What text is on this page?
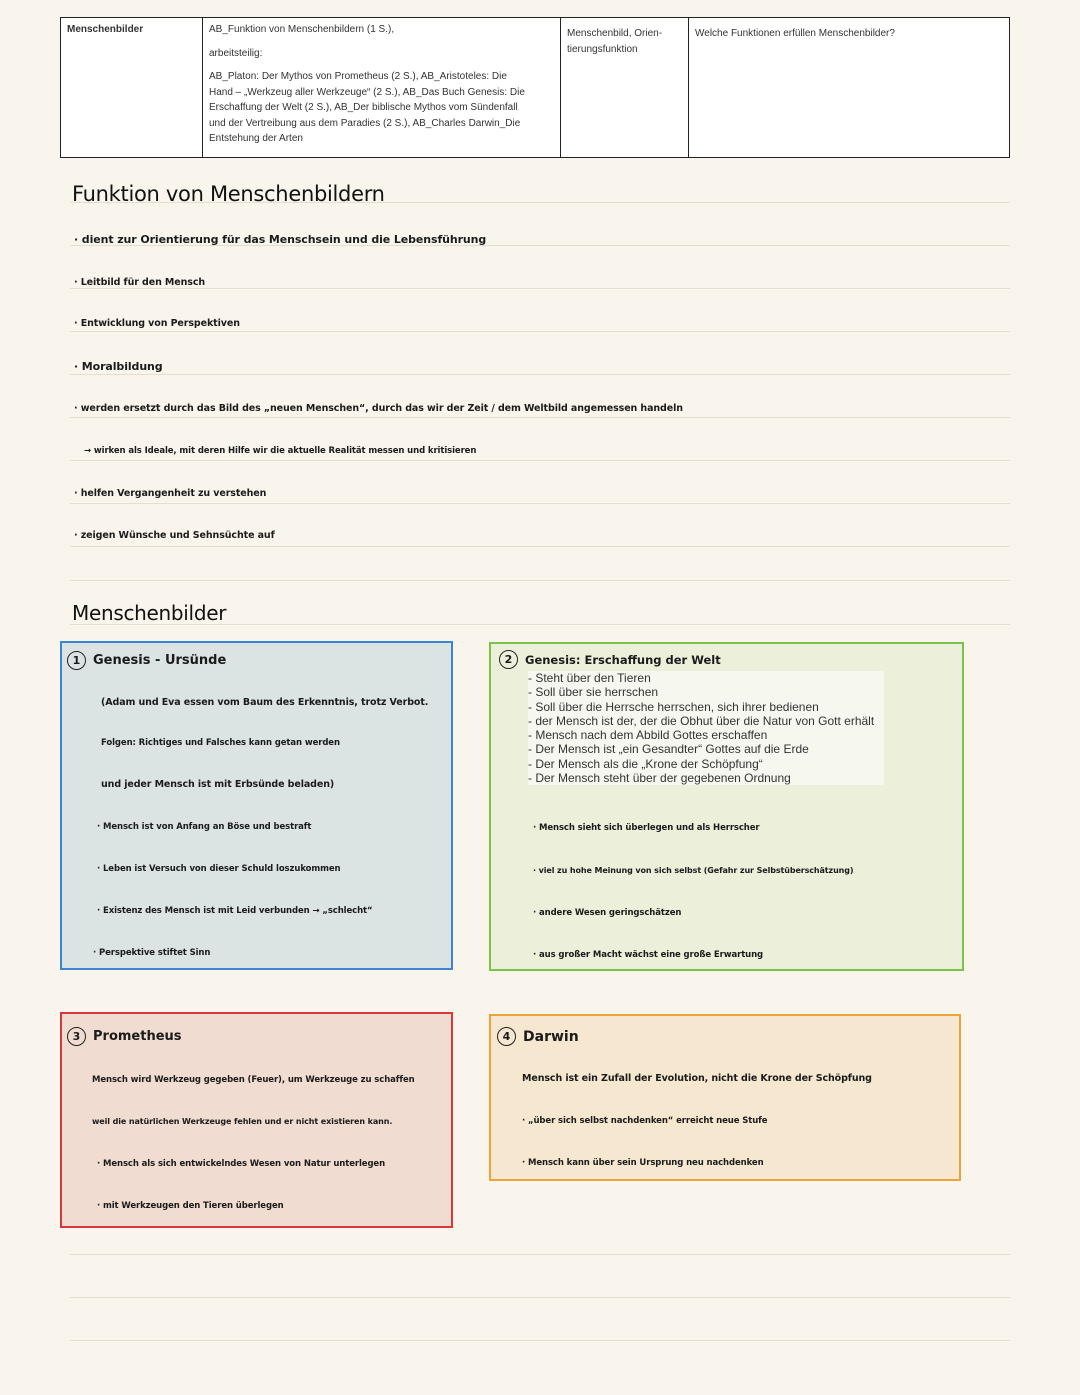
Menschenbilder	AB_Funktion von Menschenbildern (1 S.),

arbeitsteilig:

AB_Platon: Der Mythos von Prometheus (2 S.), AB_Aristoteles: Die

Hand – „Werkzeug aller Werkzeuge“ (2 S.), AB_Das Buch Genesis: Die

Erschaffung der Welt (2 S.), AB_Der biblische Mythos vom Sündenfall

und der Vertreibung aus dem Paradies (2 S.), AB_Charles Darwin_Die

Entstehung der Arten

Menschenbild, Orien-
tierungsfunktion
Welche Funktionen erfüllen Menschenbilder?
Funktion von Menschenbildern
· dient zur Orientierung für das Menschsein und die Lebensführung
· Leitbild für den Mensch
· Entwicklung von Perspektiven
· Moralbildung
· werden ersetzt durch das Bild des „neuen Menschen“, durch das wir der Zeit / dem Weltbild angemessen handeln
→ wirken als Ideale, mit deren Hilfe wir die aktuelle Realität messen und kritisieren
· helfen Vergangenheit zu verstehen
· zeigen Wünsche und Sehnsüchte auf
Menschenbilder
1 Genesis - Ursünde
(Adam und Eva essen vom Baum des Erkenntnis, trotz Verbot.
Folgen: Richtiges und Falsches kann getan werden
und jeder Mensch ist mit Erbsünde beladen)
· Mensch ist von Anfang an Böse und bestraft
· Leben ist Versuch von dieser Schuld loszukommen
· Existenz des Mensch ist mit Leid verbunden → „schlecht“
· Perspektive stiftet Sinn
2	Genesis: Erschaffung der Welt
- Steht über den Tieren
- Soll über sie herrschen
- Soll über die Herrsche herrschen, sich ihrer bedienen
- der Mensch ist der, der die Obhut über die Natur von Gott erhält
- Mensch nach dem Abbild Gottes erschaffen
- Der Mensch ist „ein Gesandter“ Gottes auf die Erde
- Der Mensch als die „Krone der Schöpfung“
- Der Mensch steht über der gegebenen Ordnung
· Mensch sieht sich überlegen und als Herrscher
· viel zu hohe Meinung von sich selbst (Gefahr zur Selbstüberschätzung)
· andere Wesen geringschätzen
· aus großer Macht wächst eine große Erwartung
3 Prometheus
Mensch wird Werkzeug gegeben (Feuer), um Werkzeuge zu schaffen
weil die natürlichen Werkzeuge fehlen und er nicht existieren kann.
· Mensch als sich entwickelndes Wesen von Natur unterlegen
· mit Werkzeugen den Tieren überlegen
4 Darwin
Mensch ist ein Zufall der Evolution, nicht die Krone der Schöpfung
· „über sich selbst nachdenken“ erreicht neue Stufe
· Mensch kann über sein Ursprung neu nachdenken
